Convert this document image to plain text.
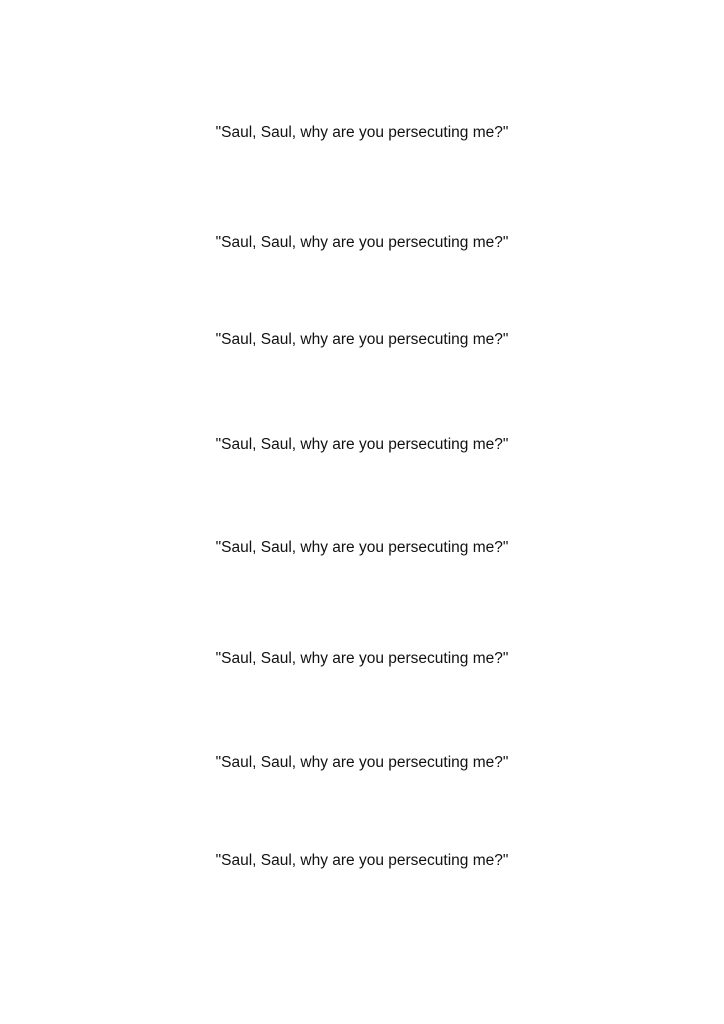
"Saul, Saul, why are you persecuting me?"
"Saul, Saul, why are you persecuting me?"
"Saul, Saul, why are you persecuting me?"
"Saul, Saul, why are you persecuting me?"
"Saul, Saul, why are you persecuting me?"
"Saul, Saul, why are you persecuting me?"
"Saul, Saul, why are you persecuting me?"
"Saul, Saul, why are you persecuting me?"
